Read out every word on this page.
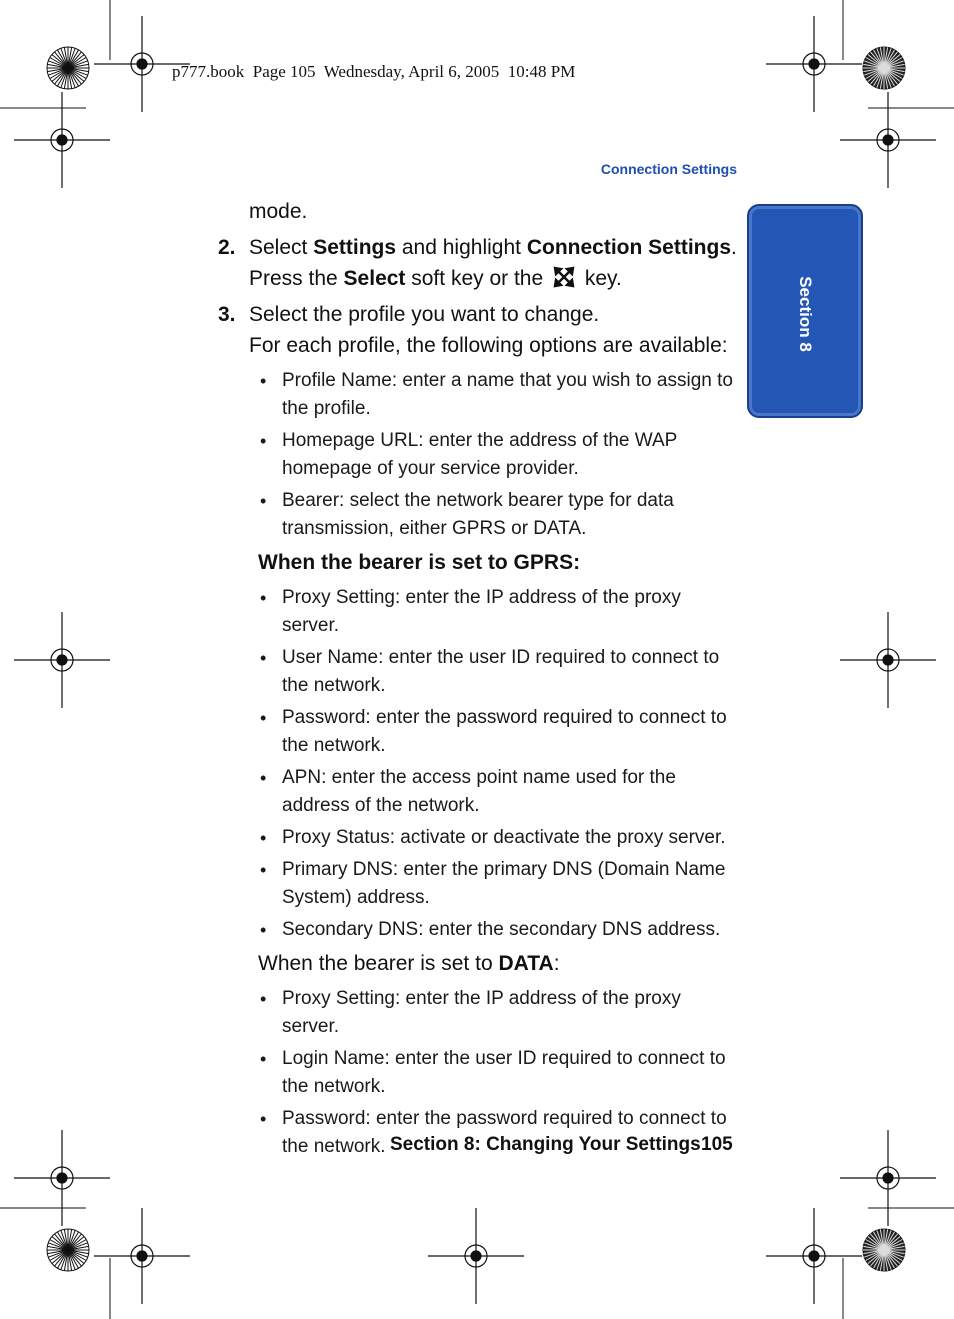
p777.book  Page 105  Wednesday, April 6, 2005  10:48 PM
Connection Settings
Section 8
mode.
2. Select Settings and highlight Connection Settings.
Press the Select soft key or the  key.
3. Select the profile you want to change.
For each profile, the following options are available:
• Profile Name: enter a name that you wish to assign to the profile.
• Homepage URL: enter the address of the WAP homepage of your service provider.
• Bearer: select the network bearer type for data transmission, either GPRS or DATA.
When the bearer is set to GPRS:
• Proxy Setting: enter the IP address of the proxy server.
• User Name: enter the user ID required to connect to the network.
• Password: enter the password required to connect to the network.
• APN: enter the access point name used for the address of the network.
• Proxy Status: activate or deactivate the proxy server.
• Primary DNS: enter the primary DNS (Domain Name System) address.
• Secondary DNS: enter the secondary DNS address.
When the bearer is set to DATA:
• Proxy Setting: enter the IP address of the proxy server.
• Login Name: enter the user ID required to connect to the network.
• Password: enter the password required to connect to the network. Section 8: Changing Your Settings 105
